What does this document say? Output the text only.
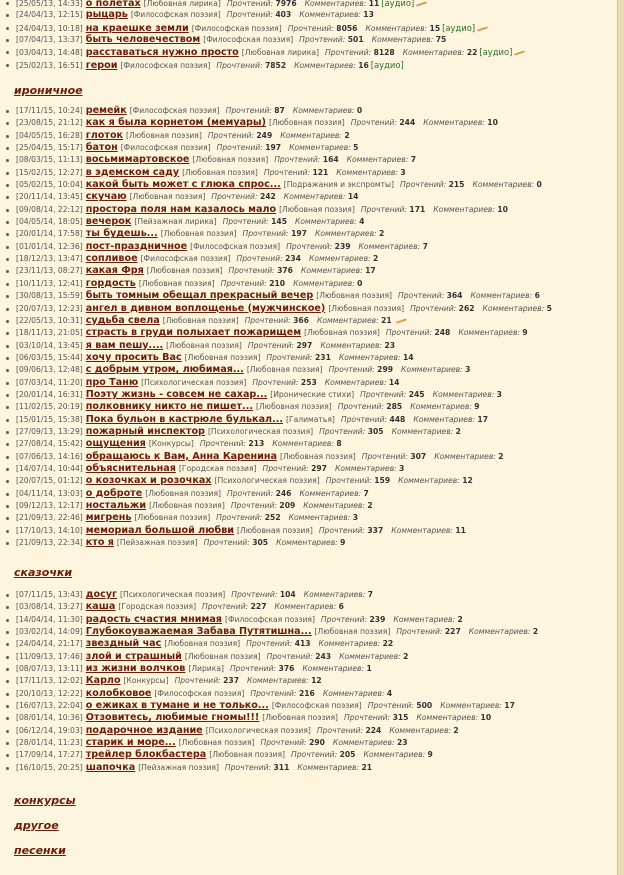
[25/05/13, 14:33] о полетах [Любовная лирика] Прочтений: 7976 Комментариев: 11 [аудио]
[24/04/13, 12:15] рыцарь [Философская поэзия] Прочтений: 403 Комментариев: 13
[24/04/13, 10:18] на краешке земли [Философская поэзия] Прочтений: 8056 Комментариев: 15 [аудио]
[07/04/13, 13:37] быть человечеством [Философская поэзия] Прочтений: 501 Комментариев: 75
[03/04/13, 14:48] расставаться нужно просто [Любовная лирика] Прочтений: 8128 Комментариев: 22 [аудио]
[25/02/13, 16:51] герои [Философская поэзия] Прочтений: 7852 Комментариев: 16 [аудио]
ироничное
[17/11/15, 10:24] ремейк [Философская поэзия] Прочтений: 87 Комментариев: 0
[23/08/15, 21:12] как я была корнетом (мемуары) [Любовная поэзия] Прочтений: 244 Комментариев: 10
[04/05/15, 16:28] глоток [Любовная поэзия] Прочтений: 249 Комментариев: 2
[25/04/15, 15:17] батон [Философская поэзия] Прочтений: 197 Комментариев: 5
[08/03/15, 11:13] восьмимартовское [Любовная поэзия] Прочтений: 164 Комментариев: 7
[15/02/15, 12:27] в эдемском саду [Любовная поэзия] Прочтений: 121 Комментариев: 3
[05/02/15, 10:04] какой быть может с глюка спрос... [Подражания и экспромты] Прочтений: 215 Комментариев: 0
[20/11/14, 13:45] скучаю [Любовная поэзия] Прочтений: 242 Комментариев: 14
[09/08/14, 22:12] простора поля нам казалось мало [Любовная поэзия] Прочтений: 171 Комментариев: 10
[04/05/14, 18:05] вечерок [Пейзажная лирика] Прочтений: 145 Комментариев: 4
[20/01/14, 17:58] ты будешь... [Любовная поэзия] Прочтений: 197 Комментариев: 2
[01/01/14, 12:36] пост-праздничное [Философская поэзия] Прочтений: 239 Комментариев: 7
[18/12/13, 13:47] сопливое [Философская поэзия] Прочтений: 234 Комментариев: 2
[23/11/13, 08:27] какая Фря [Любовная поэзия] Прочтений: 376 Комментариев: 17
[10/11/13, 12:41] гордость [Любовная поэзия] Прочтений: 210 Комментариев: 0
[30/08/13, 15:59] быть томным обещал прекрасный вечер [Любовная поэзия] Прочтений: 364 Комментариев: 6
[20/07/13, 12:23] ангел в дивном воплощенье (мужчинское) [Любовная поэзия] Прочтений: 262 Комментариев: 5
[22/05/13, 10:31] судьба свела [Любовная поэзия] Прочтений: 366 Комментариев: 21
[18/11/13, 21:05] страсть в груди полыхает пожарищем [Любовная поэзия] Прочтений: 248 Комментариев: 9
[03/10/14, 13:45] я вам пешу.... [Любовная поэзия] Прочтений: 297 Комментариев: 23
[06/03/15, 15:44] хочу просить Вас [Любовная поэзия] Прочтений: 231 Комментариев: 14
[09/06/13, 12:48] с добрым утром, любимая... [Любовная поэзия] Прочтений: 299 Комментариев: 3
[07/03/14, 11:20] про Таню [Психологическая поэзия] Прочтений: 253 Комментариев: 14
[20/01/14, 16:31] Поэту жизнь - совсем не сахар... [Иронические стихи] Прочтений: 245 Комментариев: 3
[11/02/15, 20:19] полковнику никто не пишет... [Любовная поэзия] Прочтений: 285 Комментариев: 9
[15/01/15, 15:38] Пока бульон в кастрюле булькал... [Галиматья] Прочтений: 448 Комментариев: 17
[27/09/13, 13:29] пожарный инспектор [Психологическая поэзия] Прочтений: 305 Комментариев: 2
[27/08/14, 15:42] ощущения [Конкурсы] Прочтений: 213 Комментариев: 8
[07/06/13, 14:16] обращаюсь к Вам, Анна Каренина [Любовная поэзия] Прочтений: 307 Комментариев: 2
[14/07/14, 10:44] объяснительная [Городская поэзия] Прочтений: 297 Комментариев: 3
[20/07/15, 01:12] о козочках и розочках [Психологическая поэзия] Прочтений: 159 Комментариев: 12
[04/11/14, 13:03] о доброте [Любовная поэзия] Прочтений: 246 Комментариев: 7
[09/12/13, 12:17] ностальжи [Любовная поэзия] Прочтений: 209 Комментариев: 2
[21/09/13, 22:46] мигрень [Любовная поэзия] Прочтений: 252 Комментариев: 3
[17/10/13, 14:10] мемориал большой любви [Любовная поэзия] Прочтений: 337 Комментариев: 11
[21/09/13, 22:34] кто я [Пейзажная поэзия] Прочтений: 305 Комментариев: 9
сказочки
[07/11/15, 13:43] досуг [Психологическая поэзия] Прочтений: 104 Комментариев: 7
[03/08/14, 13:27] каша [Городская поэзия] Прочтений: 227 Комментариев: 6
[14/04/14, 11:30] радость счастия мнимая [Философская поэзия] Прочтений: 239 Комментариев: 2
[03/02/14, 14:09] Глубокоуважаемая Забава Путятишна... [Любовная поэзия] Прочтений: 227 Комментариев: 2
[24/04/14, 21:17] звездный час [Любовная поэзия] Прочтений: 413 Комментариев: 22
[11/09/13, 17:46] злой и страшный [Любовная поэзия] Прочтений: 243 Комментариев: 2
[08/07/13, 13:11] из жизни волчков [Лирика] Прочтений: 376 Комментариев: 1
[17/11/13, 12:02] Карло [Конкурсы] Прочтений: 237 Комментариев: 12
[20/10/13, 12:22] колобковое [Философская поэзия] Прочтений: 216 Комментариев: 4
[16/07/13, 22:04] о ежиках в тумане и не только... [Философская поэзия] Прочтений: 500 Комментариев: 17
[08/01/14, 10:36] Отзовитесь, любимые гномы!!! [Любовная поэзия] Прочтений: 315 Комментариев: 10
[06/12/14, 19:03] подарочное издание [Психологическая поэзия] Прочтений: 224 Комментариев: 2
[28/01/14, 11:23] старик и море... [Любовная поэзия] Прочтений: 290 Комментариев: 23
[17/09/14, 17:27] трейлер блокбастера [Любовная поэзия] Прочтений: 205 Комментариев: 9
[16/10/15, 20:25] шапочка [Пейзажная поэзия] Прочтений: 311 Комментариев: 21
конкурсы
другое
песенки
